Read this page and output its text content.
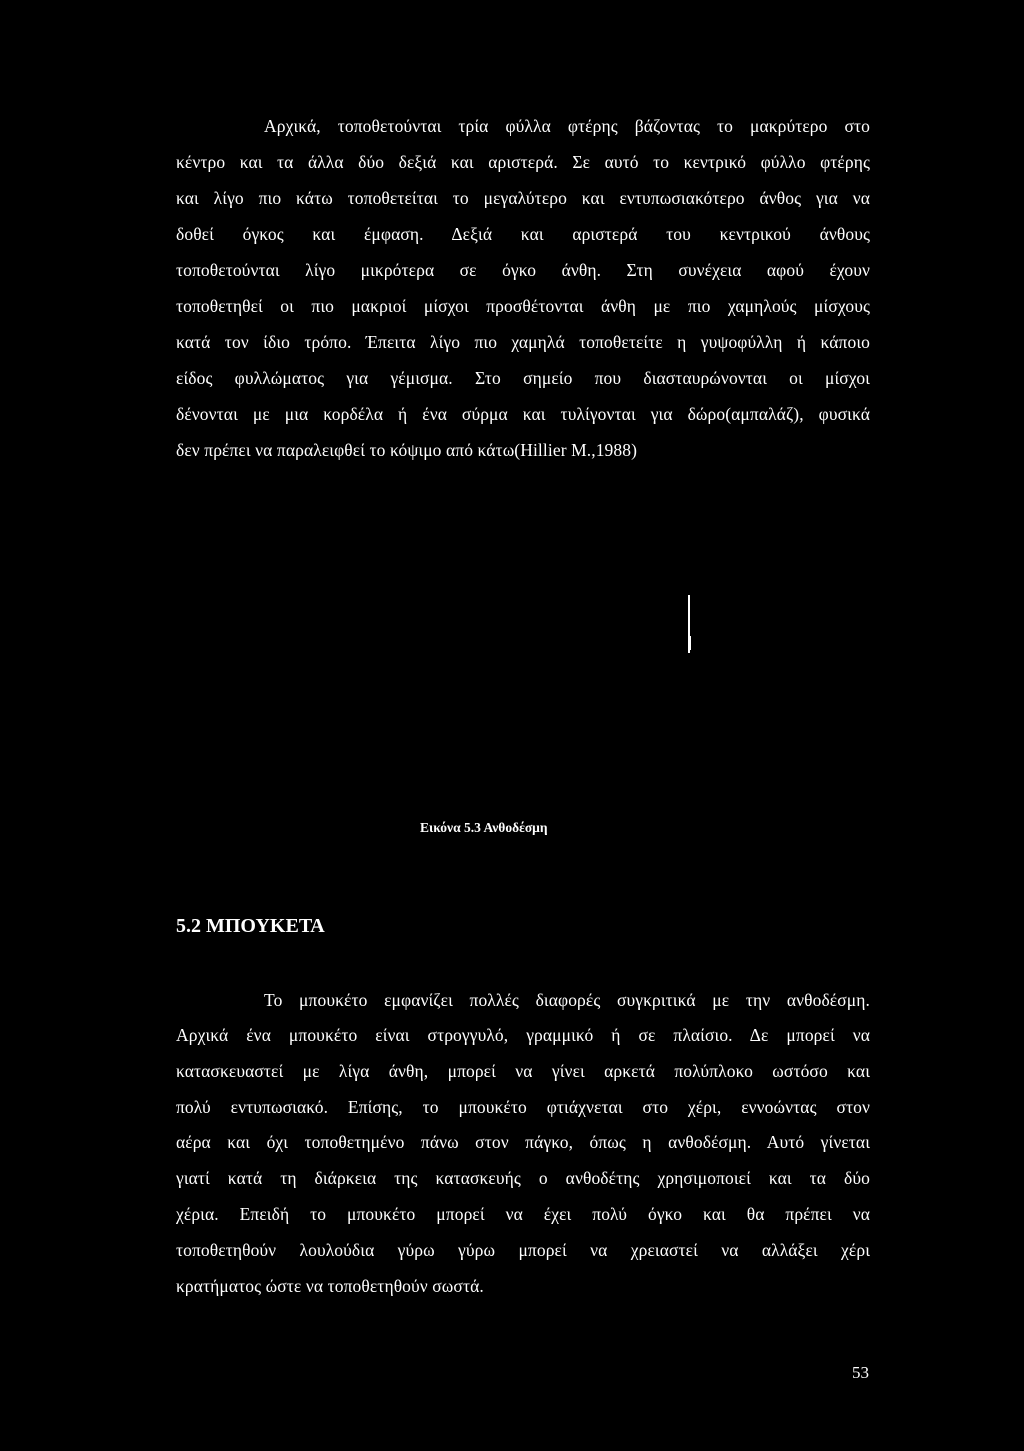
Αρχικά, τοποθετούνται τρία φύλλα φτέρης βάζοντας το μακρύτερο στο
κέντρο και τα άλλα δύο δεξιά και αριστερά. Σε αυτό το κεντρικό φύλλο φτέρης
και λίγο πιο κάτω τοποθετείται το μεγαλύτερο και εντυπωσιακότερο άνθος για να
δοθεί όγκος και έμφαση. Δεξιά και αριστερά του κεντρικού άνθους
τοποθετούνται λίγο μικρότερα σε όγκο άνθη. Στη συνέχεια αφού έχουν
τοποθετηθεί οι πιο μακριοί μίσχοι προσθέτονται άνθη με πιο χαμηλούς μίσχους
κατά τον ίδιο τρόπο. Έπειτα λίγο πιο χαμηλά τοποθετείτε η γυψοφύλλη ή κάποιο
είδος φυλλώματος για γέμισμα. Στο σημείο που διασταυρώνονται οι μίσχοι
δένονται με μια κορδέλα ή ένα σύρμα και τυλίγονται για δώρο(αμπαλάζ), φυσικά
δεν πρέπει να παραλειφθεί το κόψιμο από κάτω(Hillier M.,1988)
Εικόνα 5.3 Ανθοδέσμη
5.2 ΜΠΟΥΚΕΤΑ
Το μπουκέτο εμφανίζει πολλές διαφορές συγκριτικά με την ανθοδέσμη.
Αρχικά ένα μπουκέτο είναι στρογγυλό, γραμμικό ή σε πλαίσιο. Δε μπορεί να
κατασκευαστεί με λίγα άνθη, μπορεί να γίνει αρκετά πολύπλοκο ωστόσο και
πολύ εντυπωσιακό. Επίσης, το μπουκέτο φτιάχνεται στο χέρι, εννοώντας στον
αέρα και όχι τοποθετημένο πάνω στον πάγκο, όπως η ανθοδέσμη. Αυτό γίνεται
γιατί κατά τη διάρκεια της κατασκευής ο ανθοδέτης χρησιμοποιεί και τα δύο
χέρια. Επειδή το μπουκέτο μπορεί να έχει πολύ όγκο και θα πρέπει να
τοποθετηθούν λουλούδια γύρω γύρω μπορεί να χρειαστεί να αλλάξει χέρι
κρατήματος ώστε να τοποθετηθούν σωστά.
53
